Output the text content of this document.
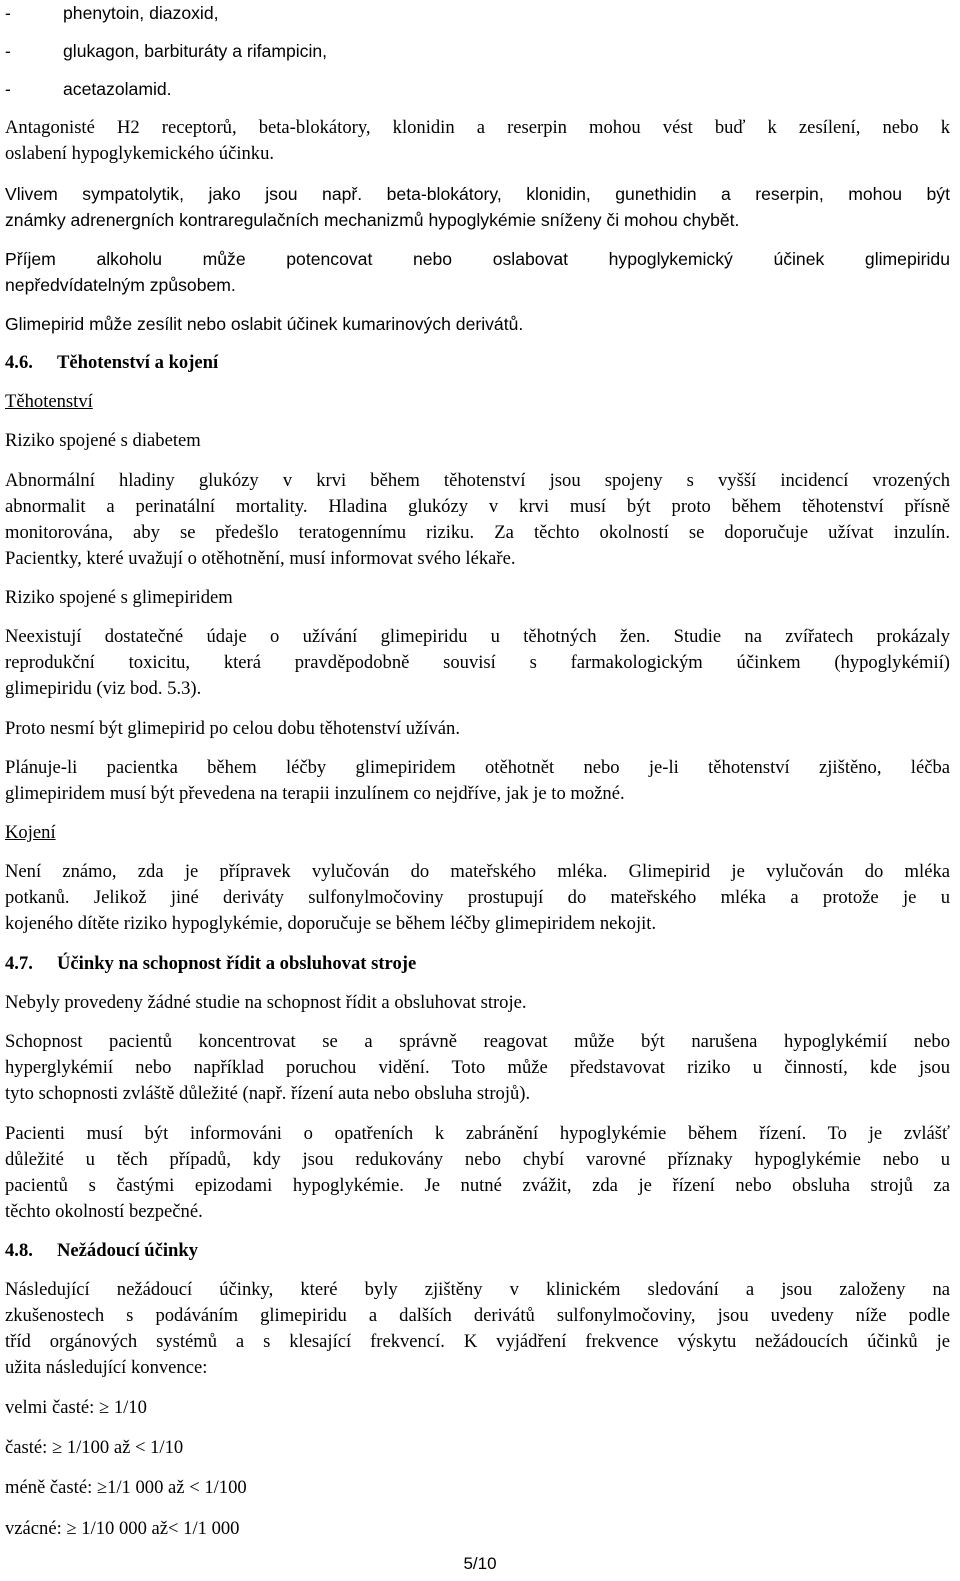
-	phenytoin, diazoxid,
-	glukagon, barbituráty a rifampicin,
-	acetazolamid.
Antagonisté H2 receptorů, beta-blokátory, klonidin a reserpin mohou vést buď k zesílení, nebo k
oslabení hypoglykemického účinku.
Vlivem sympatolytik, jako jsou např. beta-blokátory, klonidin, gunethidin a reserpin, mohou být
známky adrenergních kontraregulačních mechanizmů hypoglykémie sníženy či mohou chybět.
Příjem alkoholu může potencovat nebo oslabovat hypoglykemický účinek glimepiridu
nepředvídatelným způsobem.
Glimepirid může zesílit nebo oslabit účinek kumarinových derivátů.
4.6.	Těhotenství a kojení
Těhotenství
Riziko spojené s diabetem
Abnormální hladiny glukózy v krvi během těhotenství jsou spojeny s vyšší incidencí vrozených
abnormalit a perinatální mortality. Hladina glukózy v krvi musí být proto během těhotenství přísně
monitorována, aby se předešlo teratogennímu riziku. Za těchto okolností se doporučuje užívat inzulín.
Pacientky, které uvažují o otěhotnění, musí informovat svého lékaře.
Riziko spojené s glimepiridem
Neexistují dostatečné údaje o užívání glimepiridu u těhotných žen. Studie na zvířatech prokázaly
reprodukční toxicitu, která pravděpodobně souvisí s farmakologickým účinkem (hypoglykémií)
glimepiridu (viz bod. 5.3).
Proto nesmí být glimepirid po celou dobu těhotenství užíván.
Plánuje-li pacientka během léčby glimepiridem otěhotnět nebo je-li těhotenství zjištěno, léčba
glimepiridem musí být převedena na terapii inzulínem co nejdříve, jak je to možné.
Kojení
Není známo, zda je přípravek vylučován do mateřského mléka. Glimepirid je vylučován do mléka
potkanů. Jelikož jiné deriváty sulfonylmočoviny prostupují do mateřského mléka a protože je u
kojeného dítěte riziko hypoglykémie, doporučuje se během léčby glimepiridem nekojit.
4.7.	Účinky na schopnost řídit a obsluhovat stroje
Nebyly provedeny žádné studie na schopnost řídit a obsluhovat stroje.
Schopnost pacientů koncentrovat se a správně reagovat může být narušena hypoglykémií nebo
hyperglykémií nebo například poruchou vidění. Toto může představovat riziko u činností, kde jsou
tyto schopnosti zvláště důležité (např. řízení auta nebo obsluha strojů).
Pacienti musí být informováni o opatřeních k zabránění hypoglykémie během řízení. To je zvlášť
důležité u těch případů, kdy jsou redukovány nebo chybí varovné příznaky hypoglykémie nebo u
pacientů s častými epizodami hypoglykémie. Je nutné zvážit, zda je řízení nebo obsluha strojů za
těchto okolností bezpečné.
4.8.	Nežádoucí účinky
Následující nežádoucí účinky, které byly zjištěny v klinickém sledování a jsou založeny na
zkušenostech s podáváním glimepiridu a dalších derivátů sulfonylmočoviny, jsou uvedeny níže podle
tříd orgánových systémů a s klesající frekvencí. K vyjádření frekvence výskytu nežádoucích účinků je
užita následující konvence:
velmi časté: ≥ 1/10
časté: ≥ 1/100 až < 1/10
méně časté: ≥1/1 000 až < 1/100
vzácné: ≥ 1/10 000 až< 1/1 000
5/10
